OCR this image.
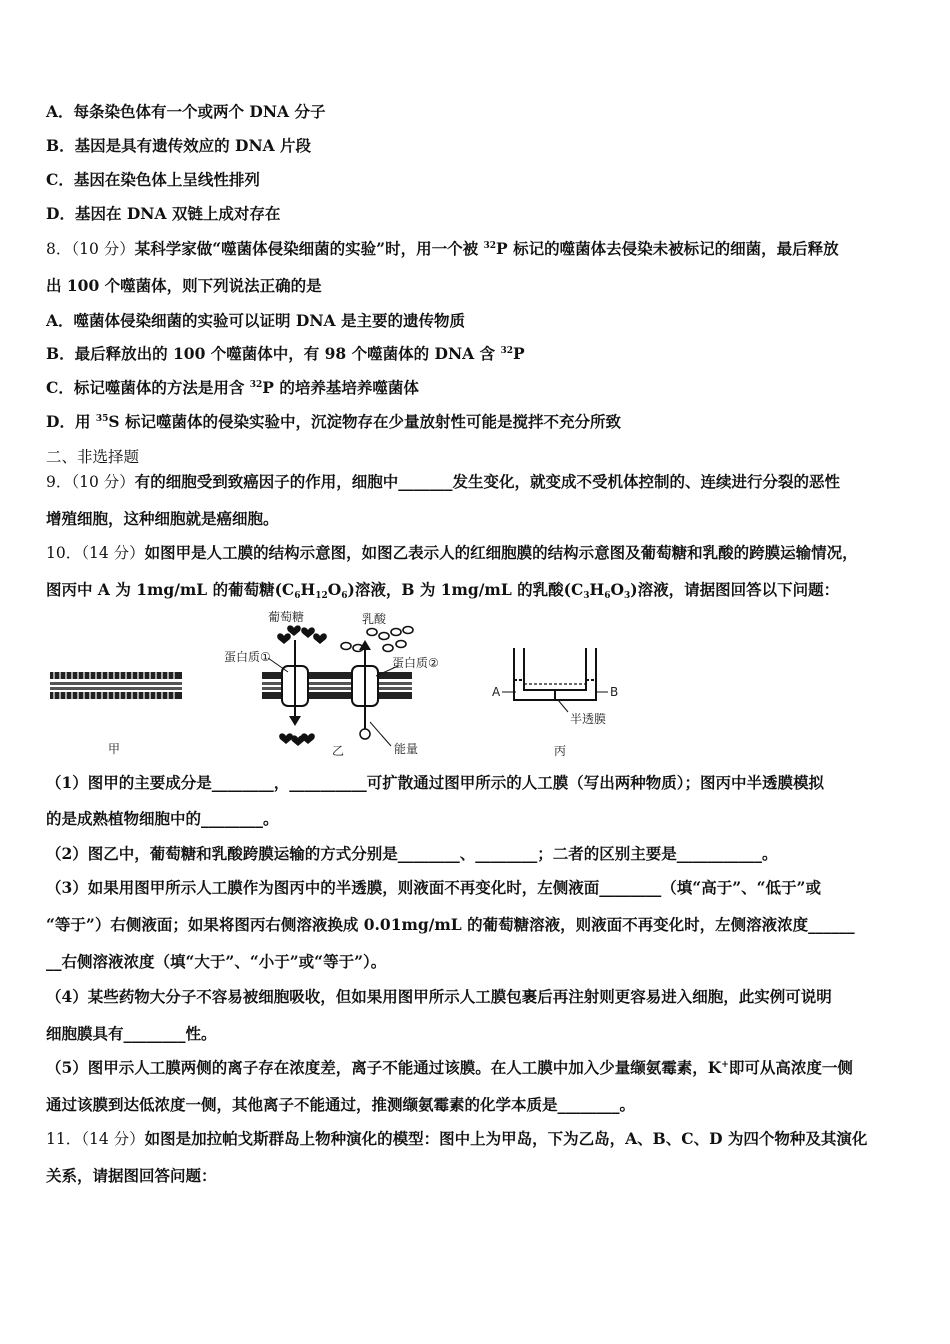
A．每条染色体有一个或两个 DNA 分子
B．基因是具有遗传效应的 DNA 片段
C．基因在染色体上呈线性排列
D．基因在 DNA 双链上成对存在
8．（10 分）某科学家做“噬菌体侵染细菌的实验”时，用一个被 $^{32}$P 标记的噬菌体去侵染未被标记的细菌，最后释放
出 100 个噬菌体，则下列说法正确的是
A．噬菌体侵染细菌的实验可以证明 DNA 是主要的遗传物质
B．最后释放出的 100 个噬菌体中，有 98 个噬菌体的 DNA 含 $^{32}$P
C．标记噬菌体的方法是用含 $^{32}$P 的培养基培养噬菌体
D．用 $^{35}$S 标记噬菌体的侵染实验中，沉淀物存在少量放射性可能是搅拌不充分所致
二、非选择题
9．（10 分）有的细胞受到致癌因子的作用，细胞中_______发生变化，就变成不受机体控制的、连续进行分裂的恶性
增殖细胞，这种细胞就是癌细胞。
10．（14 分）如图甲是人工膜的结构示意图，如图乙表示人的红细胞膜的结构示意图及葡萄糖和乳酸的跨膜运输情况，
图丙中 A 为 1mg/mL 的葡萄糖$(C_6H_{12}O_6)$溶液，B 为 1mg/mL 的乳酸$(C_3H_6O_3)$溶液，请据图回答以下问题：
葡萄糖	乳酸
蛋白质①	蛋白质②
能量
A	B
半透膜
甲	乙	丙
（1）图甲的主要成分是________，__________可扩散通过图甲所示的人工膜（写出两种物质）；图丙中半透膜模拟
的是成熟植物细胞中的________。
（2）图乙中，葡萄糖和乳酸跨膜运输的方式分别是________、________；二者的区别主要是___________。
（3）如果用图甲所示人工膜作为图丙中的半透膜，则液面不再变化时，左侧液面________（填“高于”、“低于”或
“等于”）右侧液面；如果将图丙右侧溶液换成 0.01mg/mL 的葡萄糖溶液，则液面不再变化时，左侧溶液浓度______
__右侧溶液浓度（填“大于”、“小于”或“等于”）。
（4）某些药物大分子不容易被细胞吸收，但如果用图甲所示人工膜包裹后再注射则更容易进入细胞，此实例可说明
细胞膜具有________性。
（5）图甲示人工膜两侧的离子存在浓度差，离子不能通过该膜。在人工膜中加入少量缬氨霉素，K+即可从高浓度一侧
通过该膜到达低浓度一侧，其他离子不能通过，推测缬氨霉素的化学本质是________。
11．（14 分）如图是加拉帕戈斯群岛上物种演化的模型：图中上为甲岛，下为乙岛，A、B、C、D 为四个物种及其演化
关系，请据图回答问题：
